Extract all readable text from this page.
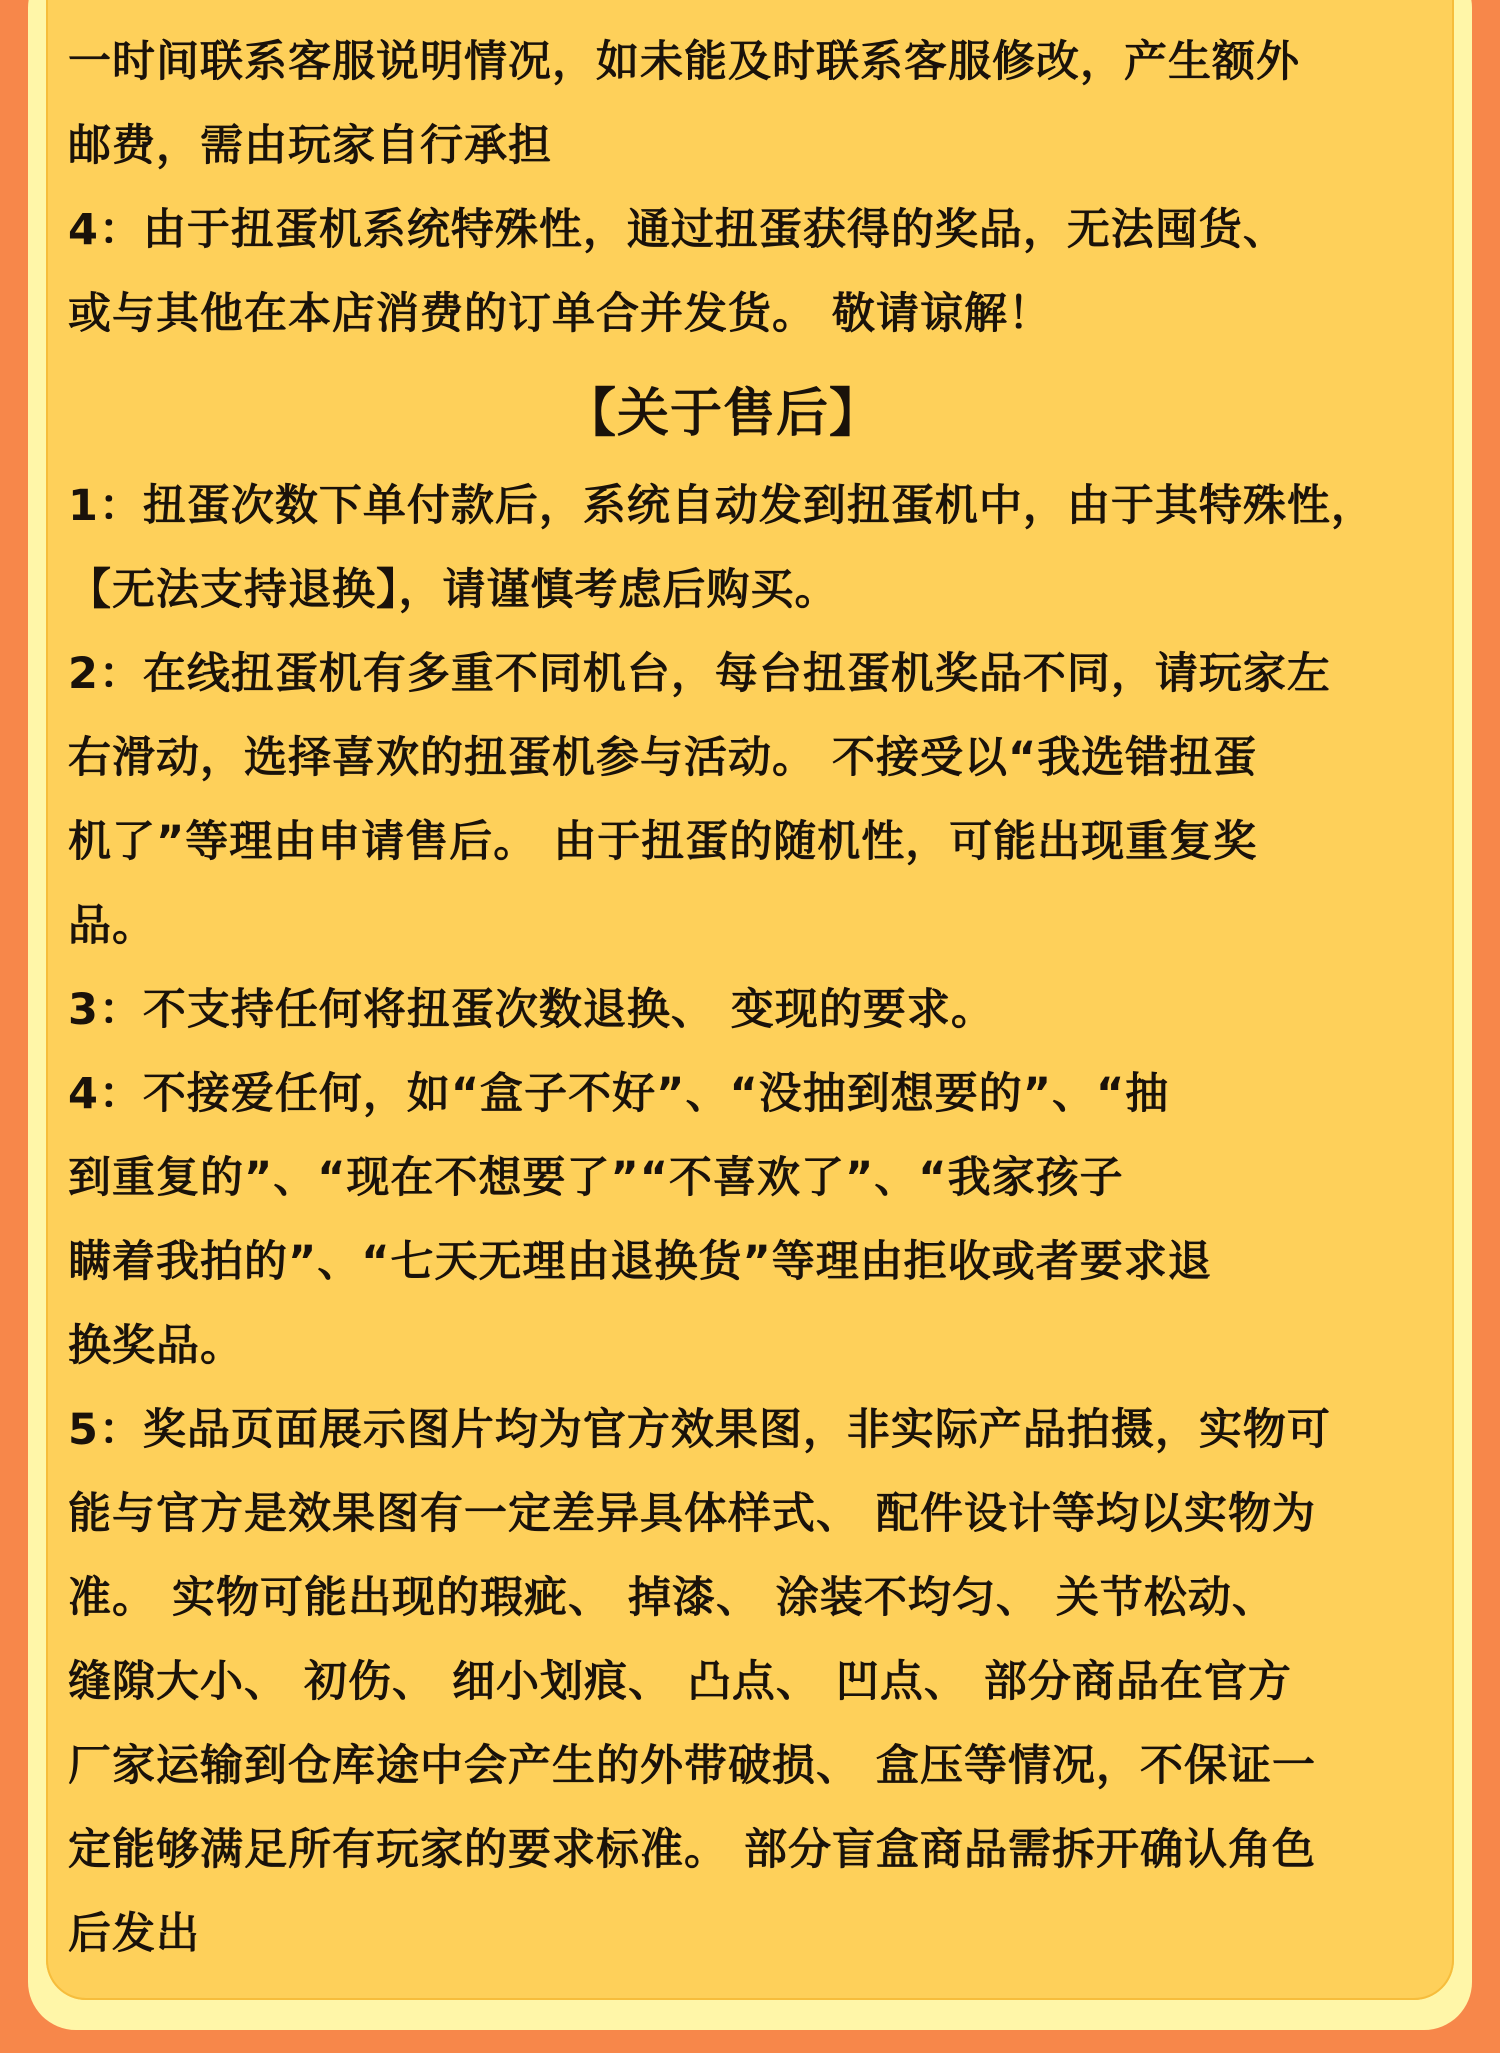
一时间联系客服说明情况，如未能及时联系客服修改，产生额外
邮费，需由玩家自行承担

4：由于扭蛋机系统特殊性，通过扭蛋获得的奖品，无法囤货、
或与其他在本店消费的订单合并发货。 敬请谅解！

【关于售后】

1：扭蛋次数下单付款后，系统自动发到扭蛋机中，由于其特殊性，
【无法支持退换】，请谨慎考虑后购买。

2：在线扭蛋机有多重不同机台，每台扭蛋机奖品不同，请玩家左
右滑动，选择喜欢的扭蛋机参与活动。 不接受以“我选错扭蛋
机了”等理由申请售后。 由于扭蛋的随机性，可能出现重复奖
品。

3：不支持任何将扭蛋次数退换、 变现的要求。

4：不接爱任何，如“盒子不好”、“没抽到想要的”、“抽
到重复的”、“现在不想要了”“不喜欢了”、“我家孩子
瞒着我拍的”、“七天无理由退换货”等理由拒收或者要求退
换奖品。

5：奖品页面展示图片均为官方效果图，非实际产品拍摄，实物可
能与官方是效果图有一定差异具体样式、 配件设计等均以实物为
准。 实物可能出现的瑕疵、 掉漆、 涂装不均匀、 关节松动、
缝隙大小、 初伤、 细小划痕、 凸点、 凹点、 部分商品在官方
厂家运输到仓库途中会产生的外带破损、 盒压等情况，不保证一
定能够满足所有玩家的要求标准。 部分盲盒商品需拆开确认角色
后发出
